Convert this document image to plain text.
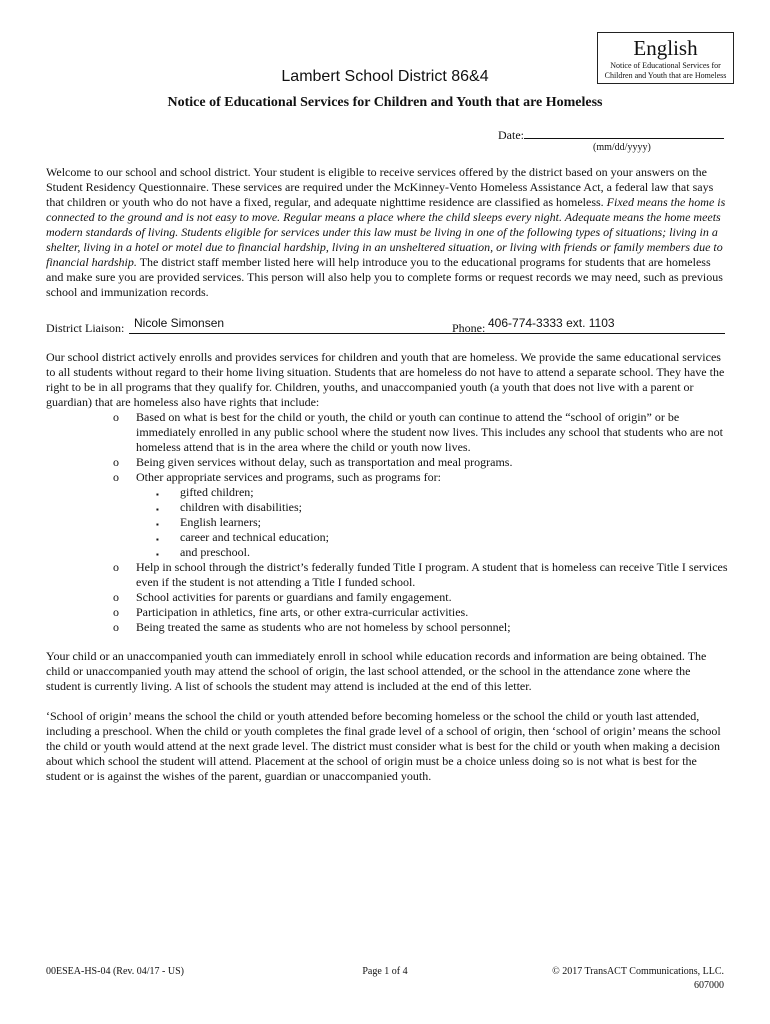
English
Notice of Educational Services for Children and Youth that are Homeless
Lambert School District 86&4
Notice of Educational Services for Children and Youth that are Homeless
Date:
(mm/dd/yyyy)

Welcome to our school and school district. Your student is eligible to receive services offered by the district based on your answers on the Student Residency Questionnaire. These services are required under the McKinney-Vento Homeless Assistance Act, a federal law that says that children or youth who do not have a fixed, regular, and adequate nighttime residence are classified as homeless. Fixed means the home is connected to the ground and is not easy to move. Regular means a place where the child sleeps every night. Adequate means the home meets modern standards of living. Students eligible for services under this law must be living in one of the following types of situations; living in a shelter, living in a hotel or motel due to financial hardship, living in an unsheltered situation, or living with friends or family members due to financial hardship. The district staff member listed here will help introduce you to the educational programs for students that are homeless and make sure you are provided services. This person will also help you to complete forms or request records we may need, such as previous school and immunization records.

District Liaison: Nicole Simonsen	Phone: 406-774-3333 ext. 1103

Our school district actively enrolls and provides services for children and youth that are homeless. We provide the same educational services to all students without regard to their home living situation. Students that are homeless do not have to attend a separate school. They have the right to be in all programs that they qualify for. Children, youths, and unaccompanied youth (a youth that does not live with a parent or guardian) that are homeless also have rights that include:

o Based on what is best for the child or youth, the child or youth can continue to attend the “school of origin” or be immediately enrolled in any public school where the student now lives. This includes any school that students who are not homeless attend that is in the area where the child or youth now lives.
o Being given services without delay, such as transportation and meal programs.
o Other appropriate services and programs, such as programs for:
▪ gifted children;
▪ children with disabilities;
▪ English learners;
▪ career and technical education;
▪ and preschool.
o Help in school through the district’s federally funded Title I program. A student that is homeless can receive Title I services even if the student is not attending a Title I funded school.
o School activities for parents or guardians and family engagement.
o Participation in athletics, fine arts, or other extra-curricular activities.
o Being treated the same as students who are not homeless by school personnel;

Your child or an unaccompanied youth can immediately enroll in school while education records and information are being obtained. The child or unaccompanied youth may attend the school of origin, the last school attended, or the school in the attendance zone where the student is currently living. A list of schools the student may attend is included at the end of this letter.

‘School of origin’ means the school the child or youth attended before becoming homeless or the school the child or youth last attended, including a preschool. When the child or youth completes the final grade level of a school of origin, then ‘school of origin’ means the school the child or youth would attend at the next grade level. The district must consider what is best for the child or youth when making a decision about which school the student will attend. Placement at the school of origin must be a choice unless doing so is not what is best for the student or is against the wishes of the parent, guardian or unaccompanied youth.

00ESEA-HS-04 (Rev. 04/17 - US)	Page 1 of 4	© 2017 TransACT Communications, LLC.
607000
